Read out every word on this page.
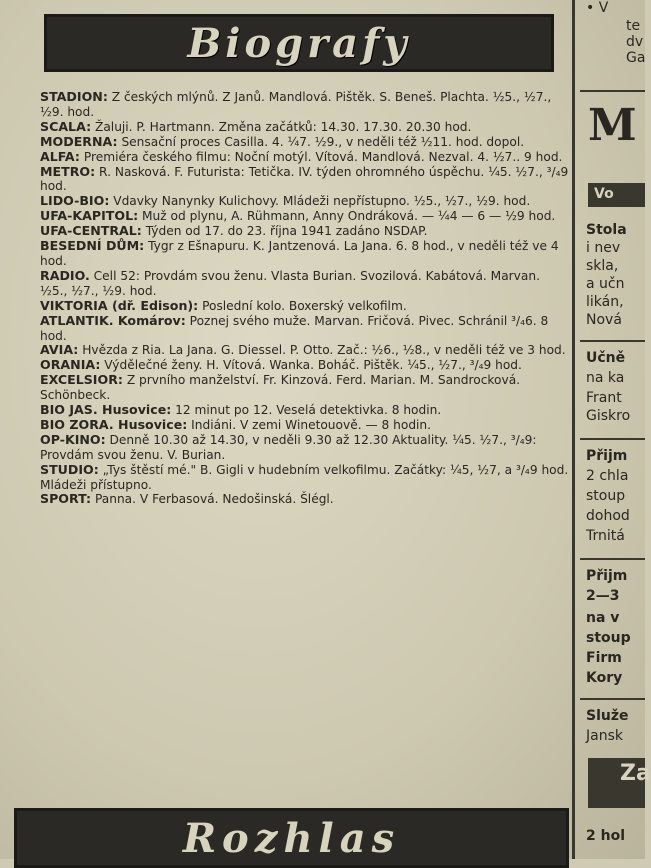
Biografy

STADION: Z českých mlýnů. Z Janů. Mandlová. Pištěk. S. Beneš. Plachta. ½5., ½7., ½9. hod.

SCALA: Žaluji. P. Hartmann. Změna začátků: 14.30. 17.30. 20.30 hod.

MODERNA: Sensační proces Casilla. 4. ¼7. ½9., v neděli též ½11. hod. dopol.

ALFA: Premiéra českého filmu: Noční motýl. Vítová. Mandlová. Nezval. 4. ½7.. 9 hod.

METRO: R. Nasková. F. Futurista: Tetička. IV. týden ohromného úspěchu. ¼5. ½7., ³/₄9 hod.

LIDO-BIO: Vdavky Nanynky Kulichovy. Mládeži nepřístupno. ½5., ½7., ½9. hod.

UFA-KAPITOL: Muž od plynu, A. Rühmann, Anny Ondráková. — ¼4 — 6 — ½9 hod.

UFA-CENTRAL: Týden od 17. do 23. října 1941 zadáno NSDAP.

BESEDNÍ DŮM: Tygr z Ešnapuru. K. Jantzenová. La Jana. 6. 8 hod., v neděli též ve 4 hod.

RADIO. Cell 52: Provdám svou ženu. Vlasta Burian. Svozilová. Kabátová. Marvan. ½5., ½7., ½9. hod.

VIKTORIA (dř. Edison): Poslední kolo. Boxerský velkofilm.

ATLANTIK. Komárov: Poznej svého muže. Marvan. Fričová. Pivec. Schránil ³/₄6. 8 hod.

AVIA: Hvězda z Ria. La Jana. G. Diessel. P. Otto. Zač.: ½6., ½8., v neděli též ve 3 hod.

ORANIA: Výdělečné ženy. H. Vítová. Wanka. Boháč. Pištěk. ¼5., ½7., ³/₄9 hod.

EXCELSIOR: Z prvního manželství. Fr. Kinzová. Ferd. Marian. M. Sandrocková. Schönbeck.

BIO JAS. Husovice: 12 minut po 12. Veselá detektivka. 8 hodin.

BIO ZORA. Husovice: Indiáni. V zemi Winetouově. — 8 hodin.

OP-KINO: Denně 10.30 až 14.30, v neděli 9.30 až 12.30 Aktuality. ¼5. ½7., ³/₄9: Provdám svou ženu. V. Burian.

STUDIO: „Tys štěstí mé." B. Gigli v hudebním velkofilmu. Začátky: ¼5, ½7, a ³/₄9 hod. Mládeži přístupno.

SPORT: Panna. V Ferbasová. Nedošinská. Šlégl.

Rozhlas
• V
te
dv
Ga
M
Vo
Stola
i nev
skla,
a učn
likán,
Nová
Učně
na ka
Frant
Giskro
Přijm
2 chla
stoup
dohod
Trnitá
Přijm
2—3
na v
stoup
Firm
Kory
Služe
Jansk
Za
2 hol
